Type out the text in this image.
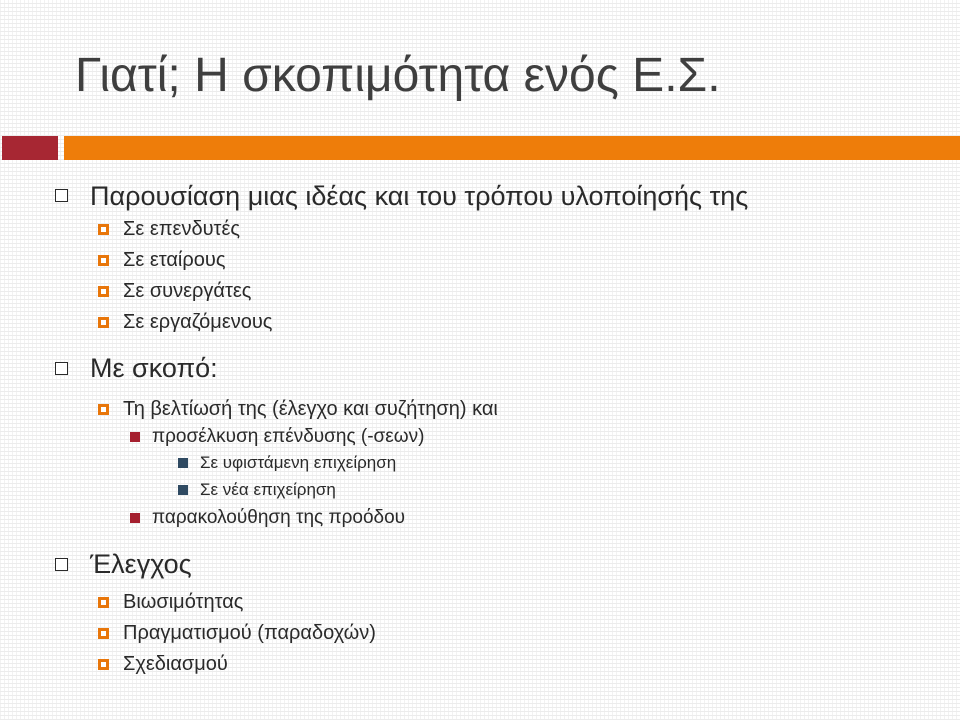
Γιατί; Η σκοπιμότητα ενός Ε.Σ.
Παρουσίαση μιας ιδέας και του τρόπου υλοποίησής της
Σε επενδυτές
Σε εταίρους
Σε συνεργάτες
Σε εργαζόμενους
Με σκοπό:
Τη βελτίωσή της (έλεγχο και συζήτηση) και
προσέλκυση επένδυσης (-σεων)
Σε υφιστάμενη επιχείρηση
Σε νέα επιχείρηση
παρακολούθηση της προόδου
Έλεγχος
Βιωσιμότητας
Πραγματισμού (παραδοχών)
Σχεδιασμού
